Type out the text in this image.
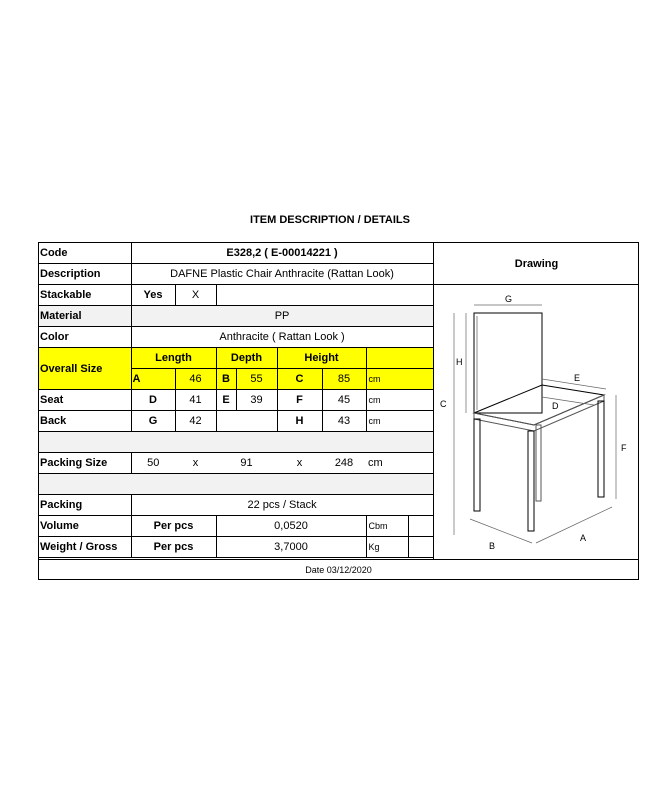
ITEM DESCRIPTION / DETAILS
Code	E328,2 ( E-00014221 )							
Description	DAFNE Plastic Chair Anthracite (Rattan Look)							
Stackable	Yes	X						
Material	PP							
Color	Anthracite ( Rattan Look )							
Overall Size	Length		Depth		Height			
	A	46	B	55	C	85	cm	
Seat	D	41	E	39	F	45	cm	
Back	G	42			H	43	cm	

Packing Size	50	x	91		x	248	cm	

Packing	22 pcs / Stack							
Volume	Per pcs		0,0520				Cbm	
Weight / Gross	Per pcs		3,7000				Kg	
Drawing
G
H
C
E
D
F
B
A
Date 03/12/2020
